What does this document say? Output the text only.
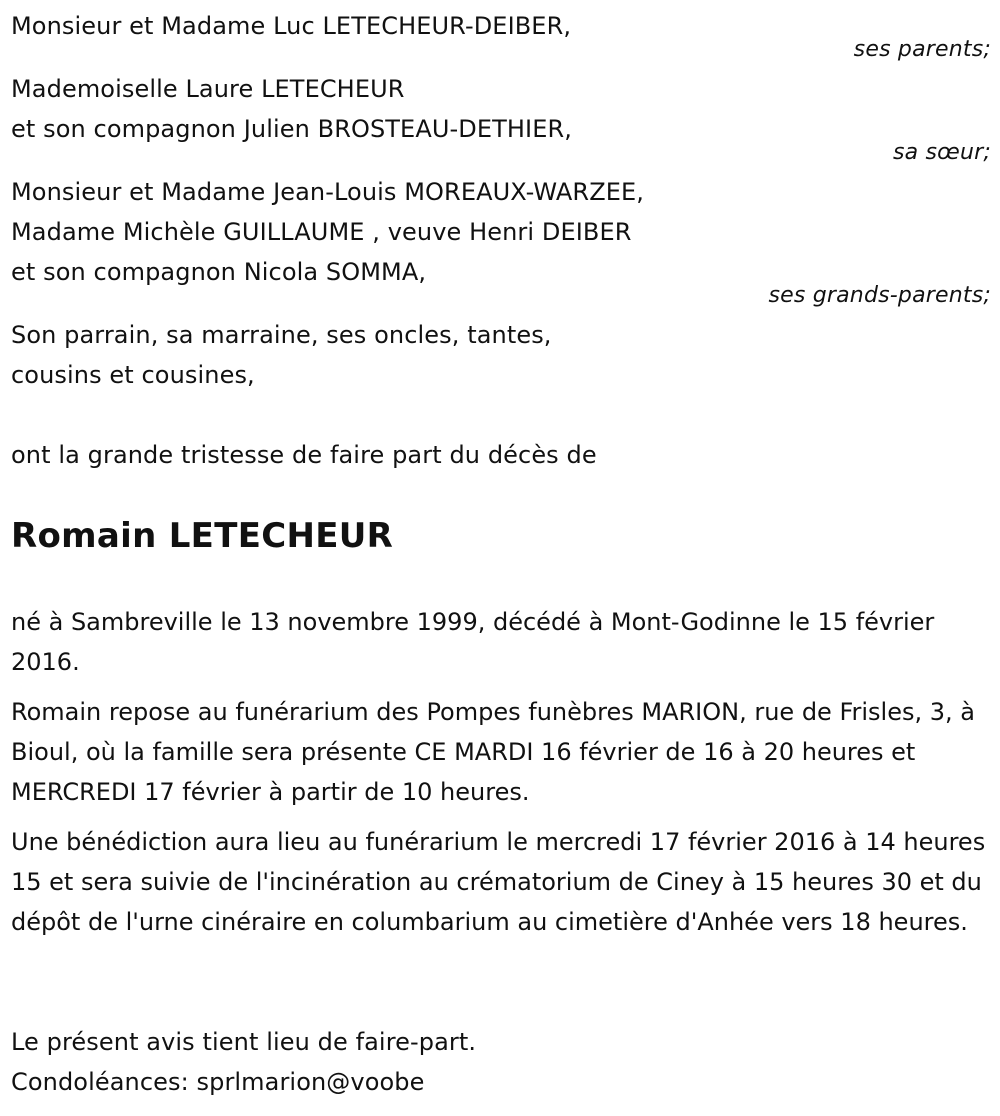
Monsieur et Madame Luc LETECHEUR-DEIBER,
ses parents;
Mademoiselle Laure LETECHEUR
et son compagnon Julien BROSTEAU-DETHIER,
sa sœur;
Monsieur et Madame Jean-Louis MOREAUX-WARZEE,
Madame Michèle GUILLAUME , veuve Henri DEIBER
et son compagnon Nicola SOMMA,
ses grands-parents;
Son parrain, sa marraine, ses oncles, tantes,
cousins et cousines,
ont la grande tristesse de faire part du décès de
Romain LETECHEUR
né à Sambreville le 13 novembre 1999, décédé à Mont-Godinne le 15 février 2016.
Romain repose au funérarium des Pompes funèbres MARION, rue de Frisles, 3, à Bioul, où la famille sera présente CE MARDI 16 février de 16 à 20 heures et MERCREDI 17 février à partir de 10 heures.
Une bénédiction aura lieu au funérarium le mercredi 17 février 2016 à 14 heures 15 et sera suivie de l'incinération au crématorium de Ciney à 15 heures 30 et du dépôt de l'urne cinéraire en columbarium au cimetière d'Anhée vers 18 heures.
Le présent avis tient lieu de faire-part.
Condoléances: sprlmarion@voobe
